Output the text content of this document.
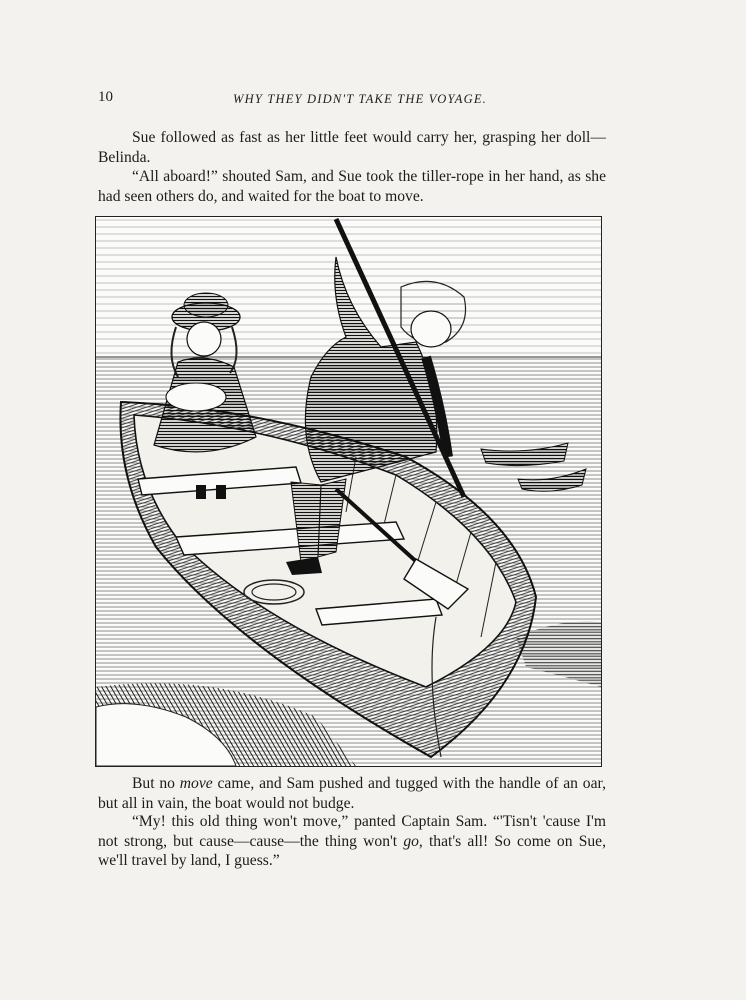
10	WHY THEY DIDN'T TAKE THE VOYAGE.

Sue followed as fast as her little feet would carry her, grasping her doll—Belinda.

“All aboard!” shouted Sam, and Sue took the tiller-rope in her hand, as she had seen others do, and waited for the boat to move.

But no move came, and Sam pushed and tugged with the handle of an oar, but all in vain, the boat would not budge.

“My! this old thing won't move,” panted Captain Sam. “'Tisn't 'cause I'm not strong, but cause—cause—the thing won't go, that's all! So come on Sue, we'll travel by land, I guess.”
